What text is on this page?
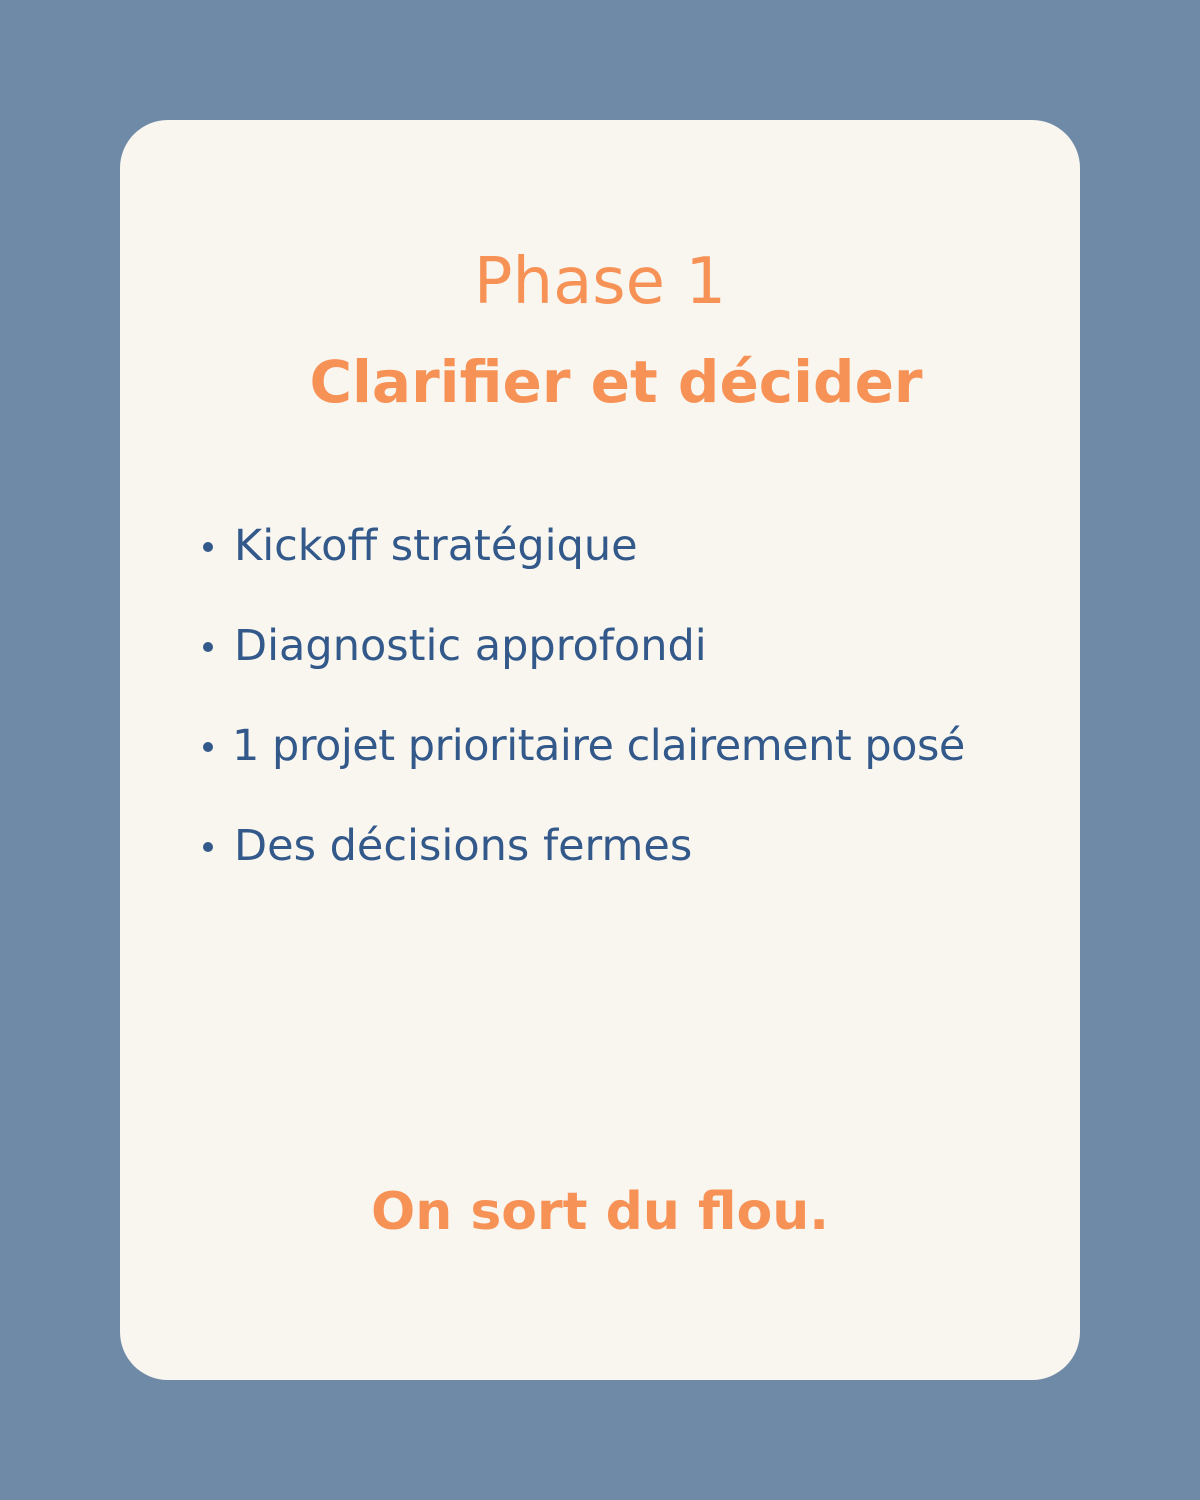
Phase 1
Clarifier et décider
Kickoff stratégique
Diagnostic approfondi
1 projet prioritaire clairement posé
Des décisions fermes

On sort du flou.
